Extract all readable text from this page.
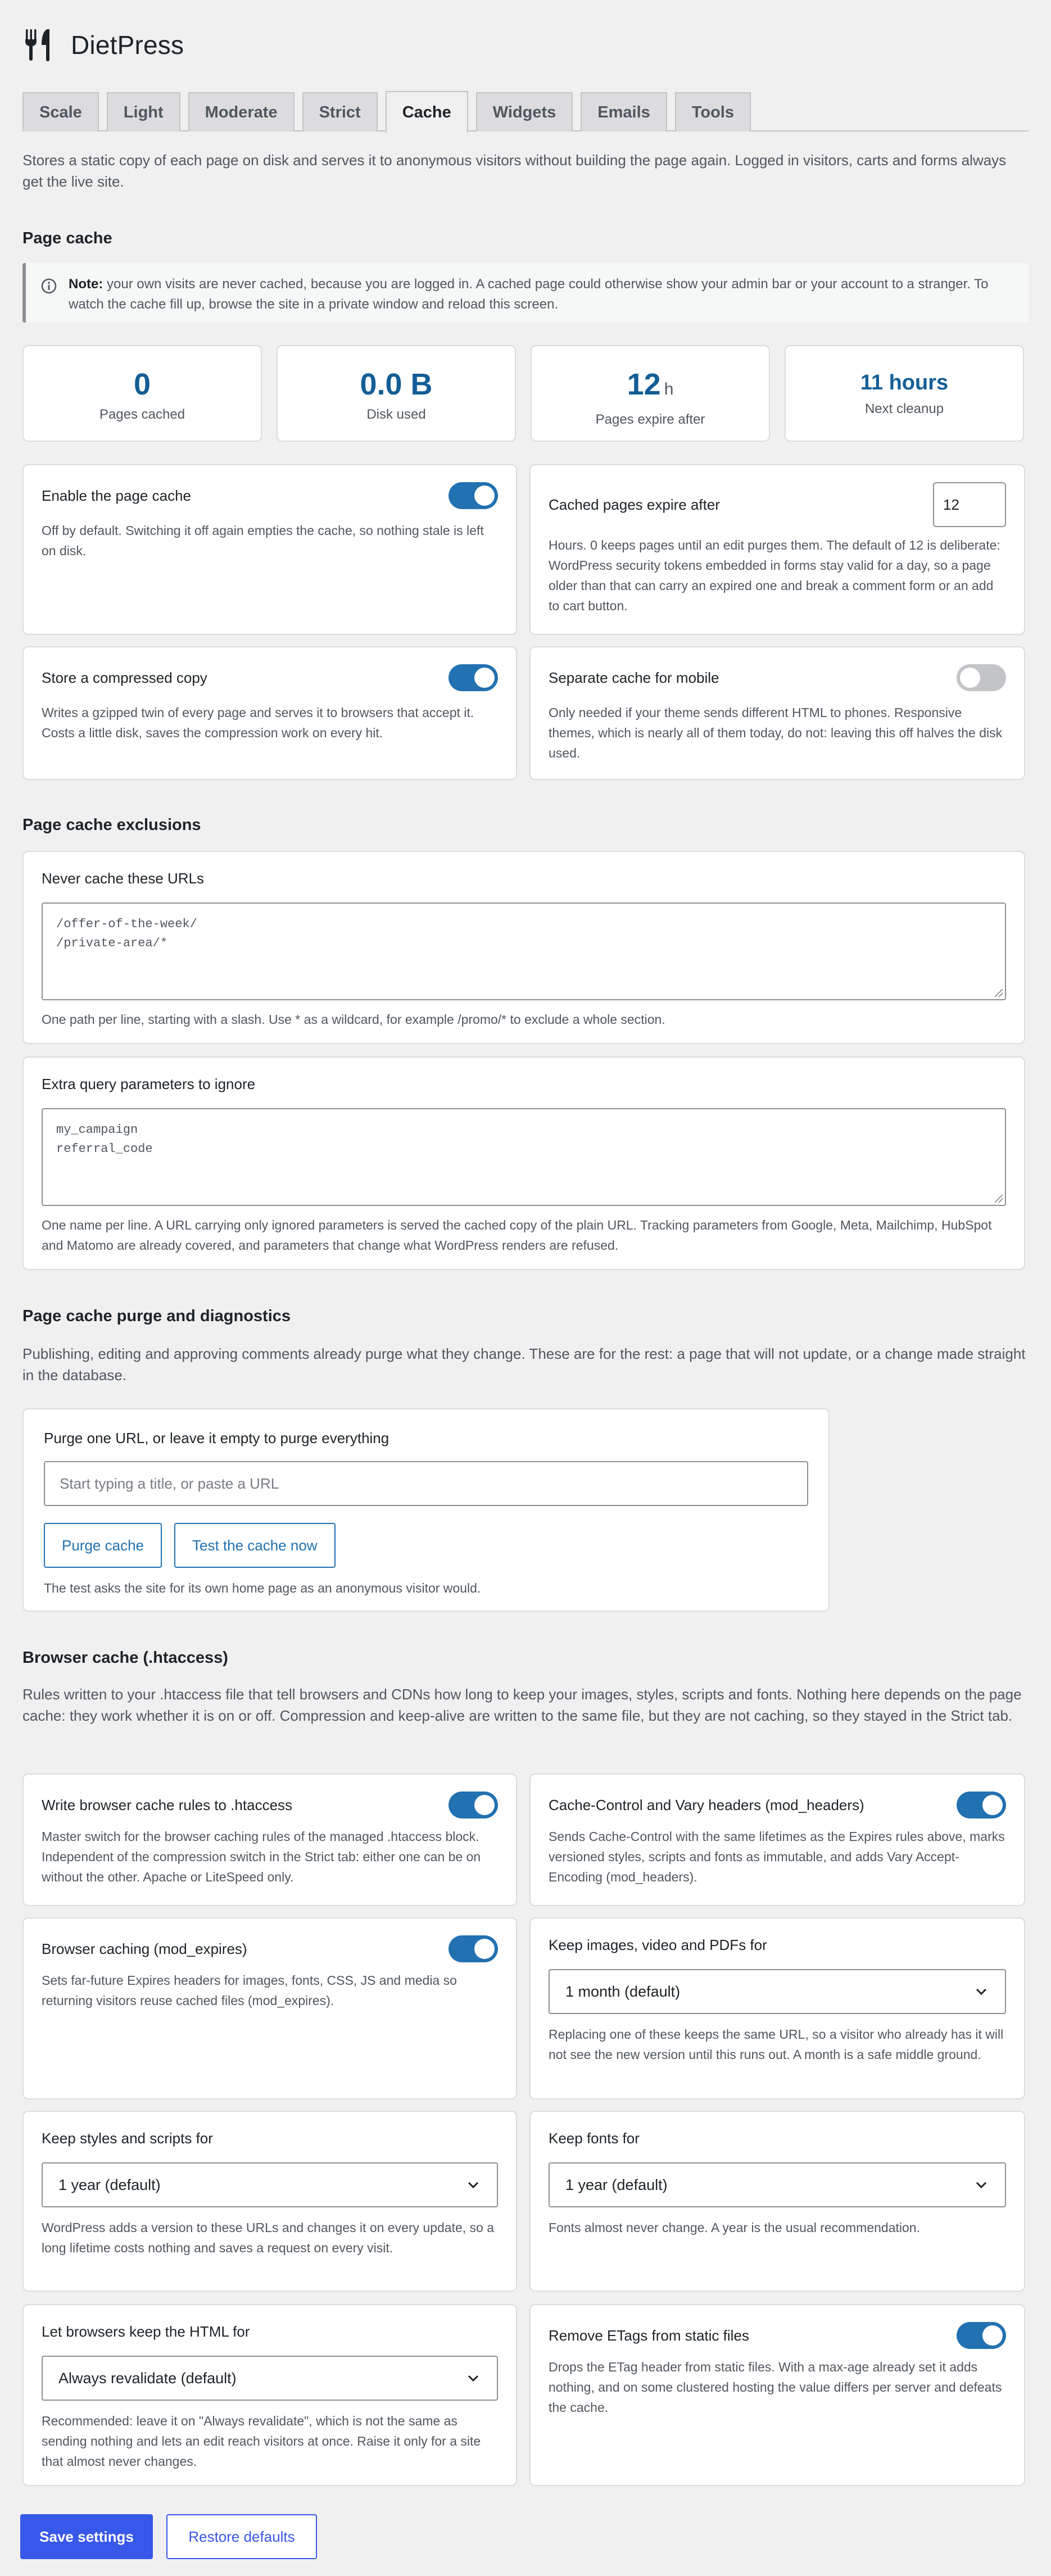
DietPress
Scale	Light	Moderate	Strict	Cache	Widgets	Emails	Tools

Stores a static copy of each page on disk and serves it to anonymous visitors without building the page again. Logged in visitors, carts and forms always get the live site.

Page cache
Note: your own visits are never cached, because you are logged in. A cached page could otherwise show your admin bar or your account to a stranger. To watch the cache fill up, browse the site in a private window and reload this screen.
0
Pages cached
0.0 B
Disk used
12 h
Pages expire after
11 hours
Next cleanup
Enable the page cache
Off by default. Switching it off again empties the cache, so nothing stale is left on disk.
Cached pages expire after	12
Hours. 0 keeps pages until an edit purges them. The default of 12 is deliberate: WordPress security tokens embedded in forms stay valid for a day, so a page older than that can carry an expired one and break a comment form or an add to cart button.
Store a compressed copy
Writes a gzipped twin of every page and serves it to browsers that accept it. Costs a little disk, saves the compression work on every hit.
Separate cache for mobile
Only needed if your theme sends different HTML to phones. Responsive themes, which is nearly all of them today, do not: leaving this off halves the disk used.
Page cache exclusions
Never cache these URLs
/offer-of-the-week/
/private-area/*
One path per line, starting with a slash. Use * as a wildcard, for example /promo/* to exclude a whole section.
Extra query parameters to ignore
my_campaign
referral_code
One name per line. A URL carrying only ignored parameters is served the cached copy of the plain URL. Tracking parameters from Google, Meta, Mailchimp, HubSpot and Matomo are already covered, and parameters that change what WordPress renders are refused.
Page cache purge and diagnostics

Publishing, editing and approving comments already purge what they change. These are for the rest: a page that will not update, or a change made straight in the database.

Purge one URL, or leave it empty to purge everything
Start typing a title, or paste a URL
Purge cache	Test the cache now
The test asks the site for its own home page as an anonymous visitor would.
Browser cache (.htaccess)

Rules written to your .htaccess file that tell browsers and CDNs how long to keep your images, styles, scripts and fonts. Nothing here depends on the page cache: they work whether it is on or off. Compression and keep-alive are written to the same file, but they are not caching, so they stayed in the Strict tab.

Write browser cache rules to .htaccess
Master switch for the browser caching rules of the managed .htaccess block. Independent of the compression switch in the Strict tab: either one can be on without the other. Apache or LiteSpeed only.
Cache-Control and Vary headers (mod_headers)
Sends Cache-Control with the same lifetimes as the Expires rules above, marks versioned styles, scripts and fonts as immutable, and adds Vary Accept-Encoding (mod_headers).
Browser caching (mod_expires)
Sets far-future Expires headers for images, fonts, CSS, JS and media so returning visitors reuse cached files (mod_expires).
Keep images, video and PDFs for
1 month (default)
Replacing one of these keeps the same URL, so a visitor who already has it will not see the new version until this runs out. A month is a safe middle ground.
Keep styles and scripts for
1 year (default)
WordPress adds a version to these URLs and changes it on every update, so a long lifetime costs nothing and saves a request on every visit.
Keep fonts for
1 year (default)
Fonts almost never change. A year is the usual recommendation.
Let browsers keep the HTML for
Always revalidate (default)
Recommended: leave it on "Always revalidate", which is not the same as sending nothing and lets an edit reach visitors at once. Raise it only for a site that almost never changes.
Remove ETags from static files
Drops the ETag header from static files. With a max-age already set it adds nothing, and on some clustered hosting the value differs per server and defeats the cache.
Save settings	Restore defaults
